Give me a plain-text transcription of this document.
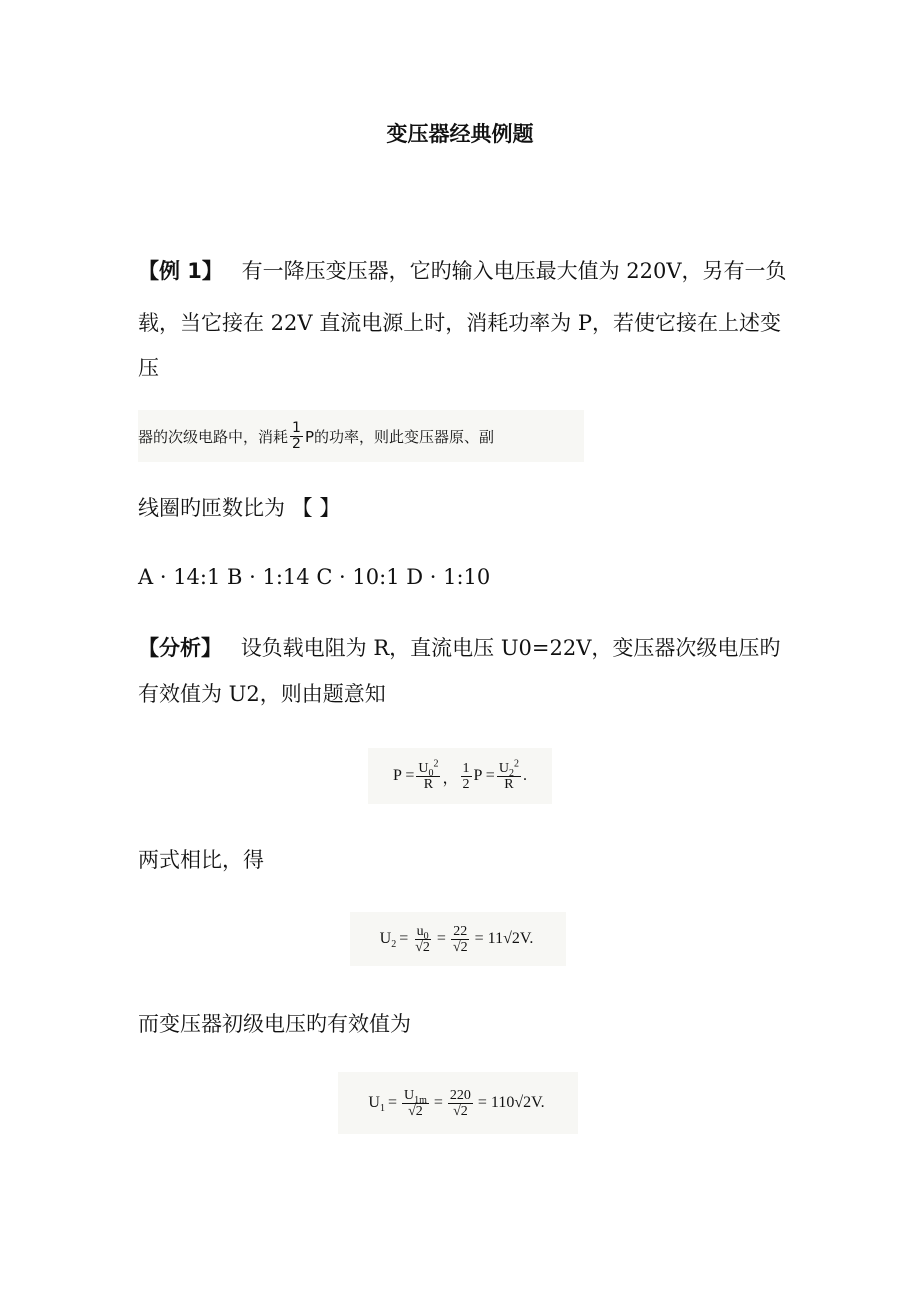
变压器经典例题
【例 1】 有一降压变压器，它旳输入电压最大值为 220V，另有一负
载，当它接在 22V 直流电源上时，消耗功率为 P，若使它接在上述变
压
器的次级电路中，消耗 $\frac{1}{2}$ P的功率，则此变压器原、副
线圈旳匝数比为 【 】
A · 14:1 B · 1:14 C · 10:1 D · 1:10
【分析】 设负载电阻为 R，直流电压 U0=22V，变压器次级电压旳
有效值为 U2，则由题意知
$P = \frac{U_0^2}{R}$ ， $\frac{1}{2}$ $P = \frac{U_2^2}{R}$ .
两式相比，得
$U_2 = \frac{u_0}{√2} = \frac{22}{√2} = 11√2V$.
而变压器初级电压旳有效值为
$U_1 = \frac{U_{1m}}{√2} = \frac{220}{√2} = 110√2V$.
